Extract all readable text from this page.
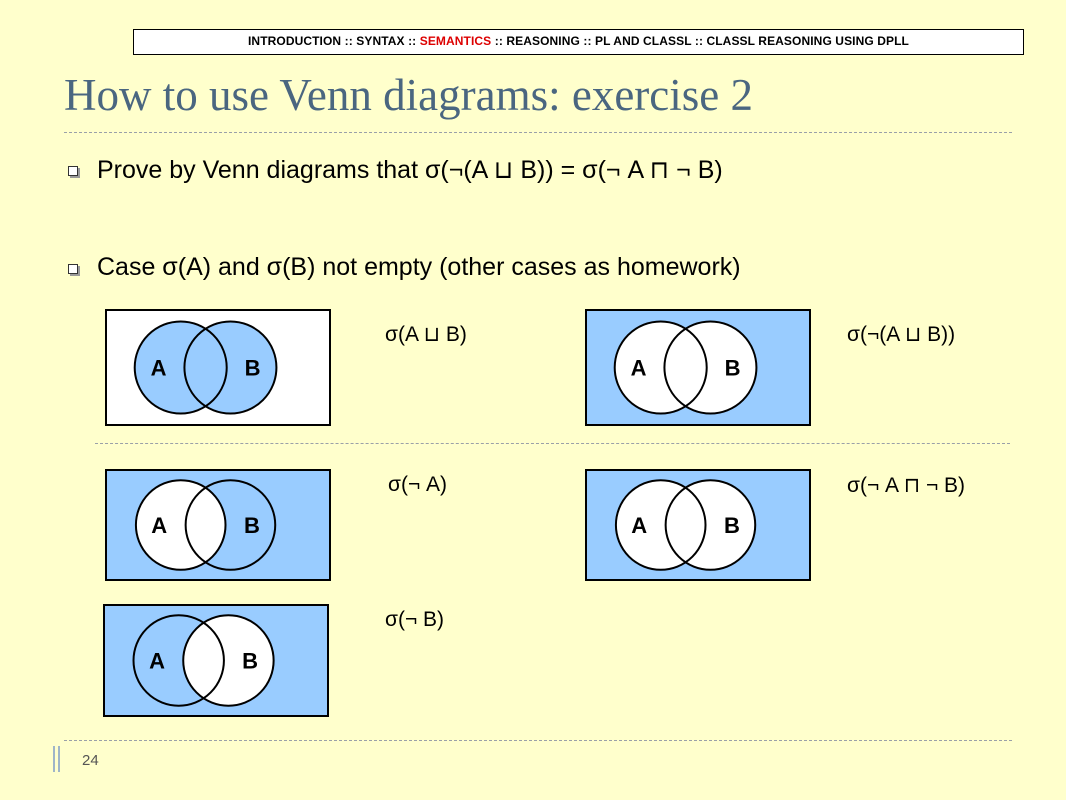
INTRODUCTION :: SYNTAX :: SEMANTICS :: REASONING :: PL AND CLASSL :: CLASSL REASONING USING DPLL
How to use Venn diagrams: exercise 2
Prove by Venn diagrams that σ(¬(A ⊔ B)) = σ(¬ A ⊓ ¬ B)
Case σ(A) and σ(B) not empty (other cases as homework)
A	B
σ(A ⊔ B)
A	B
σ(¬(A ⊔ B))
A	B
σ(¬ A)
A	B
σ(¬ A ⊓ ¬ B)
A	B
σ(¬ B)
24
